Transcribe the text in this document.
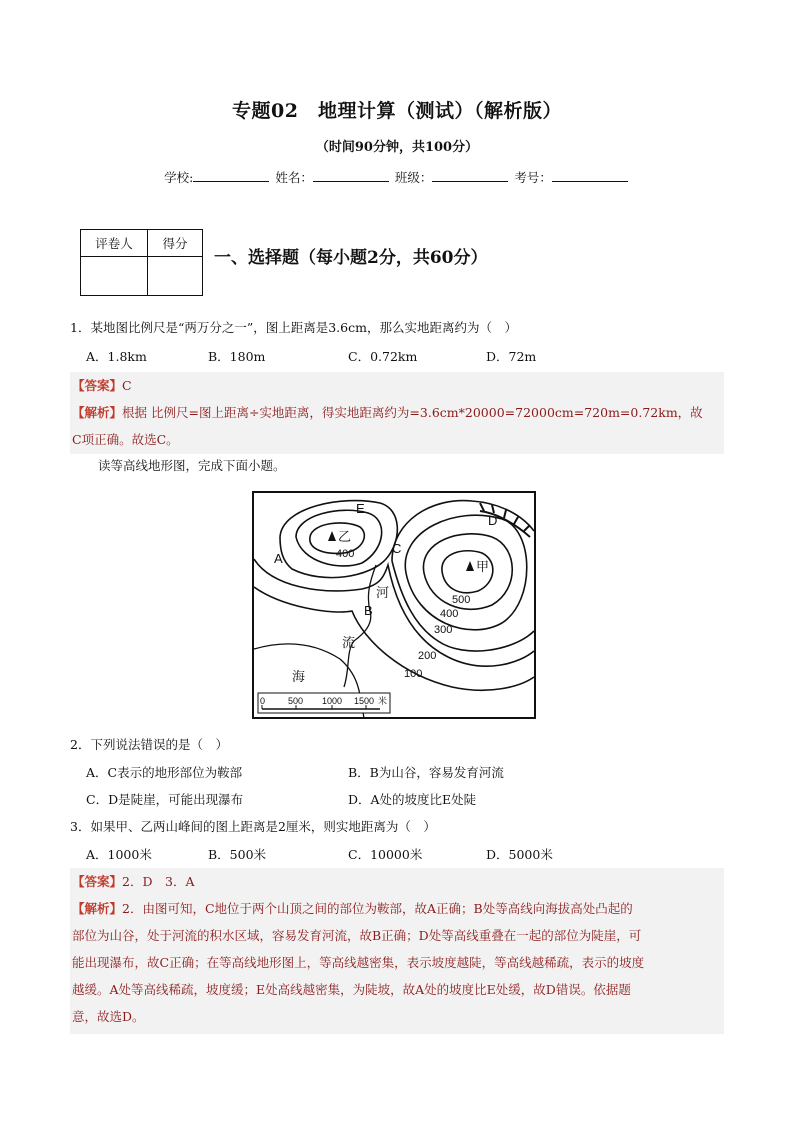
专题02　地理计算（测试）（解析版）
（时间90分钟，共100分）
学校:	姓名：	班级：	考号：
评卷人	得分

一、选择题（每小题2分，共60分）
1．某地图比例尺是“两万分之一”，图上距离是3.6cm，那么实地距离约为（　）
A．1.8km	B．180m	C．0.72km	D．72m
【答案】C
【解析】根据 比例尺=图上距离÷实地距离，得实地距离约为=3.6cm*20000=72000cm=720m=0.72km，故
C项正确。故选C。
读等高线地形图，完成下面小题。
E
D
C
A
B
乙
甲
河
流
海
400
500
400
300
200
100
0	500 1000 1500 米
2．下列说法错误的是（　）
A．C表示的地形部位为鞍部	B．B为山谷，容易发育河流
C．D是陡崖，可能出现瀑布	D．A处的坡度比E处陡
3．如果甲、乙两山峰间的图上距离是2厘米，则实地距离为（　）
A．1000米	B．500米	C．10000米	D．5000米
【答案】2．D　3．A
【解析】2．由图可知，C地位于两个山顶之间的部位为鞍部，故A正确；B处等高线向海拔高处凸起的
部位为山谷，处于河流的积水区域，容易发育河流，故B正确；D处等高线重叠在一起的部位为陡崖，可
能出现瀑布，故C正确；在等高线地形图上，等高线越密集，表示坡度越陡，等高线越稀疏，表示的坡度
越缓。A处等高线稀疏，坡度缓；E处高线越密集，为陡坡，故A处的坡度比E处缓，故D错误。依据题
意，故选D。
